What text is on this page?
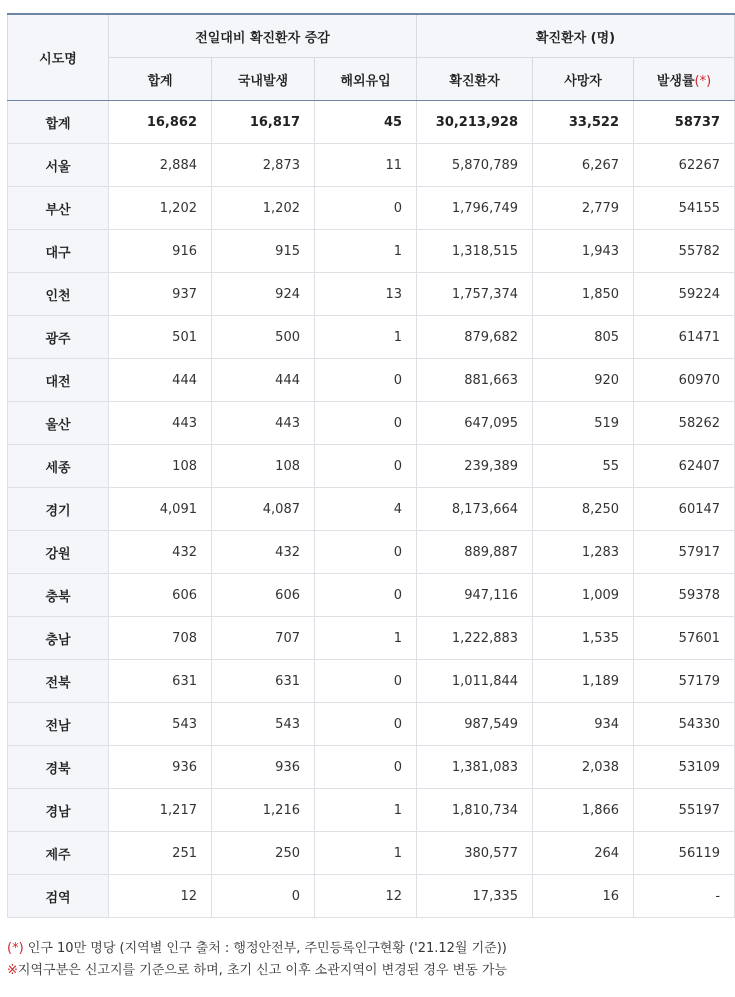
시도명	전일대비 확진환자 증감			확진환자 (명)		
	합계	국내발생	해외유입	확진환자	사망자	발생률(*)
합계	16,862	16,817	45	30,213,928	33,522	58737
서울	2,884	2,873	11	5,870,789	6,267	62267
부산	1,202	1,202	0	1,796,749	2,779	54155
대구	916	915	1	1,318,515	1,943	55782
인천	937	924	13	1,757,374	1,850	59224
광주	501	500	1	879,682	805	61471
대전	444	444	0	881,663	920	60970
울산	443	443	0	647,095	519	58262
세종	108	108	0	239,389	55	62407
경기	4,091	4,087	4	8,173,664	8,250	60147
강원	432	432	0	889,887	1,283	57917
충북	606	606	0	947,116	1,009	59378
충남	708	707	1	1,222,883	1,535	57601
전북	631	631	0	1,011,844	1,189	57179
전남	543	543	0	987,549	934	54330
경북	936	936	0	1,381,083	2,038	53109
경남	1,217	1,216	1	1,810,734	1,866	55197
제주	251	250	1	380,577	264	56119
검역	12	0	12	17,335	16	-
(*) 인구 10만 명당 (지역별 인구 출처 : 행정안전부, 주민등록인구현황 ('21.12월 기준))
※지역구분은 신고지를 기준으로 하며, 초기 신고 이후 소관지역이 변경된 경우 변동 가능
